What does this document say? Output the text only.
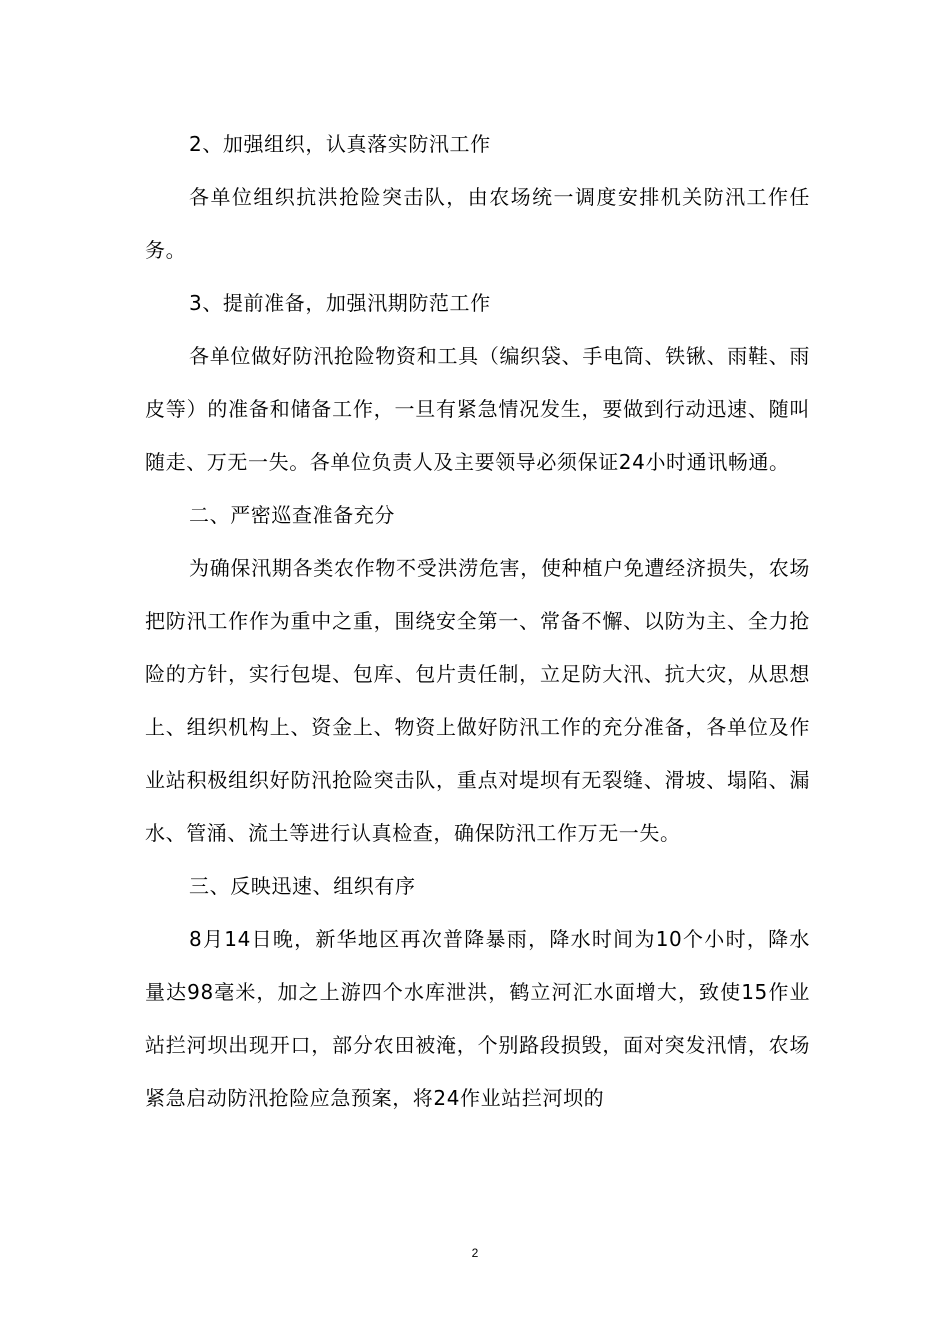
2、加强组织，认真落实防汛工作

各单位组织抗洪抢险突击队，由农场统一调度安排机关防汛工作任务。

3、提前准备，加强汛期防范工作

各单位做好防汛抢险物资和工具（编织袋、手电筒、铁锹、雨鞋、雨皮等）的准备和储备工作，一旦有紧急情况发生，要做到行动迅速、随叫随走、万无一失。各单位负责人及主要领导必须保证24小时通讯畅通。

二、严密巡查准备充分

为确保汛期各类农作物不受洪涝危害，使种植户免遭经济损失，农场把防汛工作作为重中之重，围绕安全第一、常备不懈、以防为主、全力抢险的方针，实行包堤、包库、包片责任制，立足防大汛、抗大灾，从思想上、组织机构上、资金上、物资上做好防汛工作的充分准备，各单位及作业站积极组织好防汛抢险突击队，重点对堤坝有无裂缝、滑坡、塌陷、漏水、管涌、流土等进行认真检查，确保防汛工作万无一失。

三、反映迅速、组织有序

8月14日晚，新华地区再次普降暴雨，降水时间为10个小时，降水量达98毫米，加之上游四个水库泄洪，鹤立河汇水面增大，致使15作业站拦河坝出现开口，部分农田被淹，个别路段损毁，面对突发汛情，农场紧急启动防汛抢险应急预案，将24作业站拦河坝的

2
